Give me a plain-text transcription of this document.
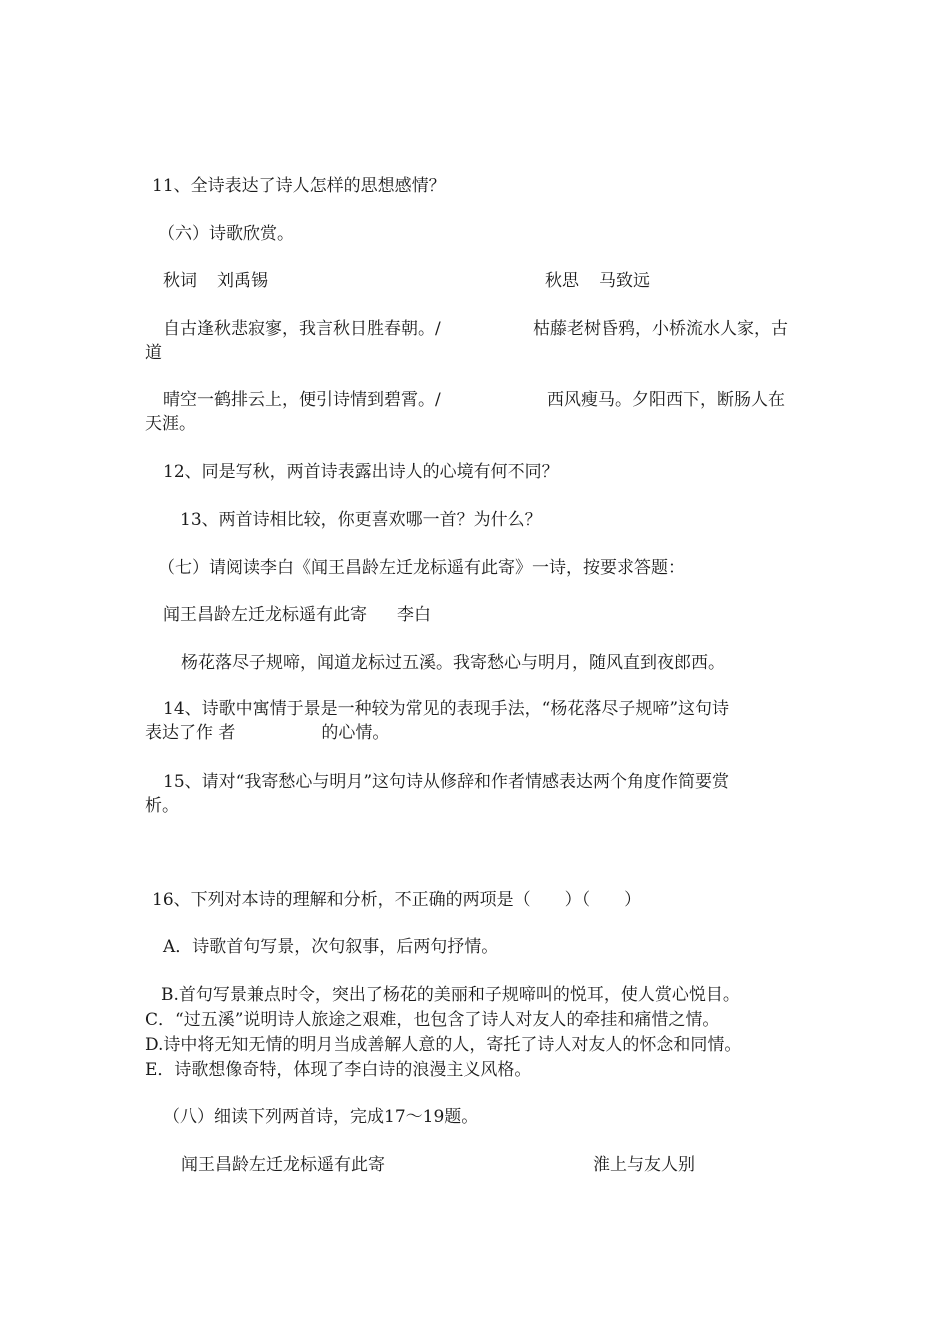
11、全诗表达了诗人怎样的思想感情？
（六）诗歌欣赏。
秋词 刘禹锡	秋思 马致远
自古逢秋悲寂寥，我言秋日胜春朝。/	枯藤老树昏鸦，小桥流水人家，古
道
晴空一鹤排云上，便引诗情到碧霄。/	西风瘦马。夕阳西下，断肠人在
天涯。
12、同是写秋，两首诗表露出诗人的心境有何不同？
13、两首诗相比较，你更喜欢哪一首？为什么？
（七）请阅读李白《闻王昌龄左迁龙标遥有此寄》一诗，按要求答题：
闻王昌龄左迁龙标遥有此寄 李白
杨花落尽子规啼，闻道龙标过五溪。我寄愁心与明月，随风直到夜郎西。
14、诗歌中寓情于景是一种较为常见的表现手法，“杨花落尽子规啼”这句诗
表达了作 者	的心情。
15、请对“我寄愁心与明月”这句诗从修辞和作者情感表达两个角度作简要赏
析。
16、下列对本诗的理解和分析，不正确的两项是（　　）（　　）
A．诗歌首句写景，次句叙事，后两句抒情。
B.首句写景兼点时令，突出了杨花的美丽和子规啼叫的悦耳，使人赏心悦目。
C．“过五溪”说明诗人旅途之艰难，也包含了诗人对友人的牵挂和痛惜之情。
D.诗中将无知无情的明月当成善解人意的人，寄托了诗人对友人的怀念和同情。
E．诗歌想像奇特，体现了李白诗的浪漫主义风格。
（八）细读下列两首诗，完成17～19题。
闻王昌龄左迁龙标遥有此寄	淮上与友人别
